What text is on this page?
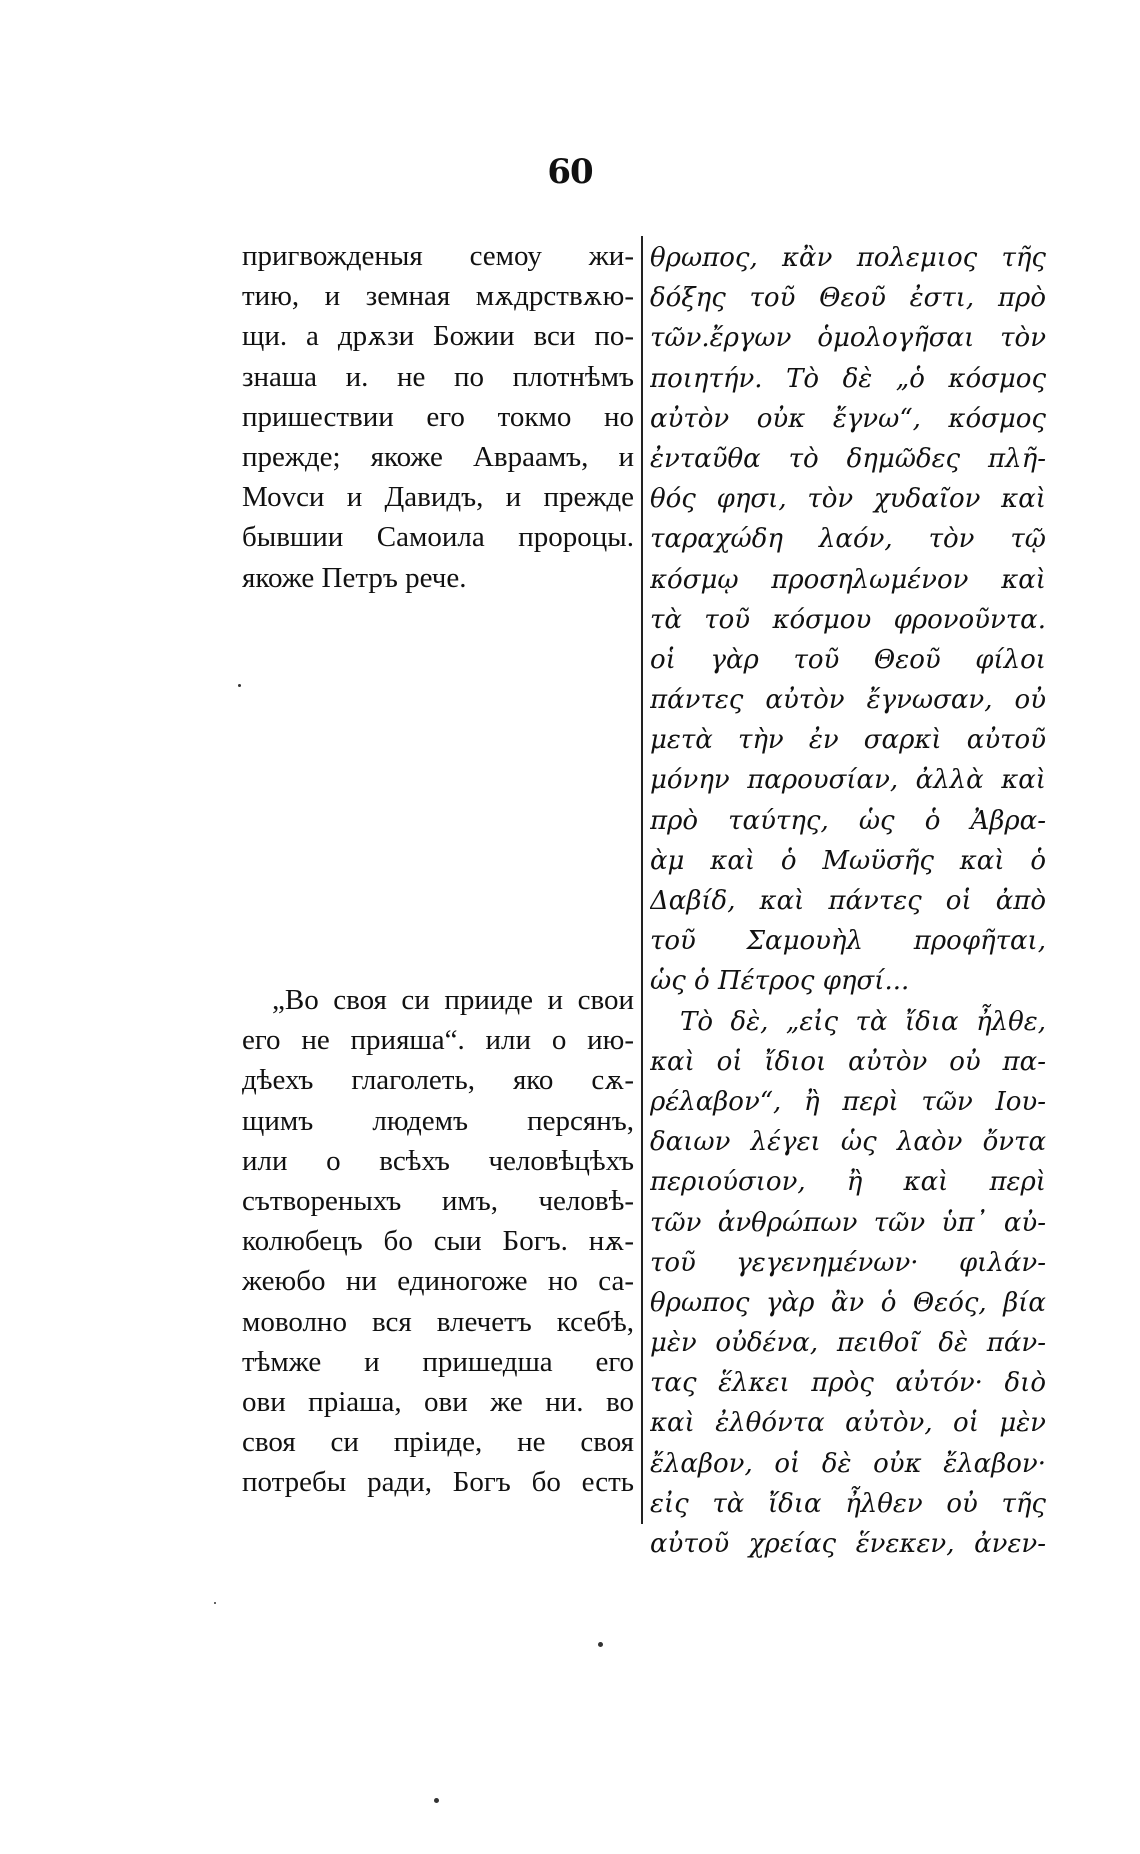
60
пригвожденыя семоу жи-
тию, и земная мѫдрствѫю-
щи. а дрѫзи Божии вси по-
знаша и. не по плотнѣмъ
пришествии его токмо но
прежде; якоже Авраамъ, и
Моvси и Давидъ, и прежде
бывшии Самоила пророцы.
якоже Петръ рече.
„Во своя си прииде и свои
его не прияша“. или о ию-
дѣехъ глаголеть, яко сѫ-
щимъ людемъ персянъ,
или о всѣхъ человѣцѣхъ
сътвореныхъ имъ, человѣ-
колюбецъ бо сыи Богъ. нѫ-
жеюбо ни единогоже но са-
моволно вся влечетъ ксебѣ,
тѣмже и пришедша его
ови пріаша, ови же ни. во
своя си пріиде, не своя
потребы ради, Богъ бо есть
θρωπος, κἂν πολεμιος τῆς
δόξης τοῦ Θεοῦ ἐστι, πρὸ
τῶν.ἔργων ὁμολογῆσαι τὸν
ποιητήν. Τὸ δὲ „ὁ κόσμος
αὐτὸν οὐκ ἔγνω“, κόσμος
ἐνταῦθα τὸ δημῶδες πλῆ-
θός φησι, τὸν χυδαῖον καὶ
ταραχώδη λαόν, τὸν τῷ
κόσμῳ προσηλωμένον καὶ
τὰ τοῦ κόσμου φρονοῦντα.
οἱ γὰρ τοῦ Θεοῦ φίλοι
πάντες αὐτὸν ἔγνωσαν, οὐ
μετὰ τὴν ἐν σαρκὶ αὐτοῦ
μόνην παρουσίαν, ἀλλὰ καὶ
πρὸ ταύτης, ὡς ὁ Ἀβρα-
ὰμ καὶ ὁ Μωϋσῆς καὶ ὁ
Δαβίδ, καὶ πάντες οἱ ἀπὸ
τοῦ Σαμουὴλ προφῆται,
ὡς ὁ Πέτρος φησί...
Τὸ δὲ, „εἰς τὰ ἴδια ἦλθε,
καὶ οἱ ἴδιοι αὐτὸν οὐ πα-
ρέλαβον“, ἢ περὶ τῶν Ιου-
δαιων λέγει ὡς λαὸν ὄντα
περιούσιον, ἢ καὶ περὶ
τῶν ἀνθρώπων τῶν ὑπ᾽ αὐ-
τοῦ γεγενημένων· φιλάν-
θρωπος γὰρ ἂν ὁ Θεός, βία
μὲν οὐδένα, πειθοῖ δὲ πάν-
τας ἕλκει πρὸς αὐτόν· διὸ
καὶ ἐλθόντα αὐτὸν, οἱ μὲν
ἔλαβον, οἱ δὲ οὐκ ἔλαβον·
εἰς τὰ ἴδια ἦλθεν οὐ τῆς
αὐτοῦ χρείας ἕνεκεν, ἀνεν-
